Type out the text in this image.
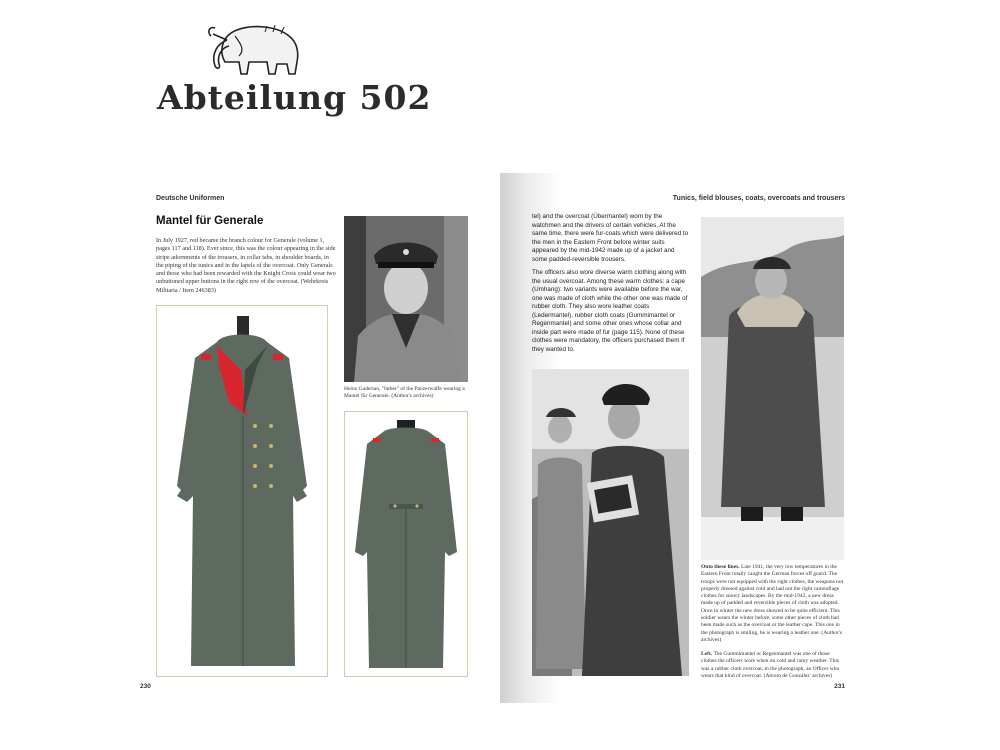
Abteilung 502
Deutsche Uniformen
Mantel für Generale
In July 1927, red became the branch colour for Generale (volume 1, pages 117 and 118). Ever since, this was the colour appearing in the side stripe adornments of the trousers, in collar tabs, in shoulder boards, in the piping of the tunics and in the lapels of the overcoat. Only Generals and those who had been rewarded with the Knight Cross could wear two unbuttoned upper buttons in the right row of the overcoat. (Wehrkreis Militaria / Item 246383)
Heinz Guderian, "father" of the Panzerwaffe wearing a Mantel für Generale. (Author's archives)
230
Tunics, field blouses, coats, overcoats and trousers
tel) and the overcoat (Übermantel) worn by the watchmen and the drivers of certain vehicles. At the same time, there were fur-coats which were delivered to the men in the Eastern Front before winter suits appeared by the mid-1942 made up of a jacket and some padded-reversible trousers.
The officers also wore diverse warm clothing along with the usual overcoat. Among these warm clothes: a cape (Umhang): two variants were available before the war, one was made of cloth while the other one was made of rubber cloth. They also wore leather coats (Ledermantel), rubber cloth coats (Gummimantel or Regenmantel) and some other ones whose collar and inside part were made of fur (page 115). None of these clothes were mandatory, the officers purchased them if they wanted to.
Onto these lines. Late 1941, the very low temperatures in the Eastern Front totally caught the German forces off guard. The troops were not equipped with the right clothes, the weapons not properly dressed against cold and had not the right camouflage clothes for snowy landscapes. By the mid-1942, a new dress made up of padded and reversible pieces of cloth was adopted. Once in winter the new dress showed to be quite efficient. This soldier wears the winter before, some other pieces of cloth had been made such as the overcoat or the leather cape. This one in the photograph is smiling, he is wearing a leather one. (Author's archives)
Left. The Gummimantel or Regenmantel was one of those clothes the officers wore when on cold and rainy weather. This was a rubber cloth overcoat, in the photograph, an Officer who wears that kind of overcoat. (Amoro de González' archives)
231
